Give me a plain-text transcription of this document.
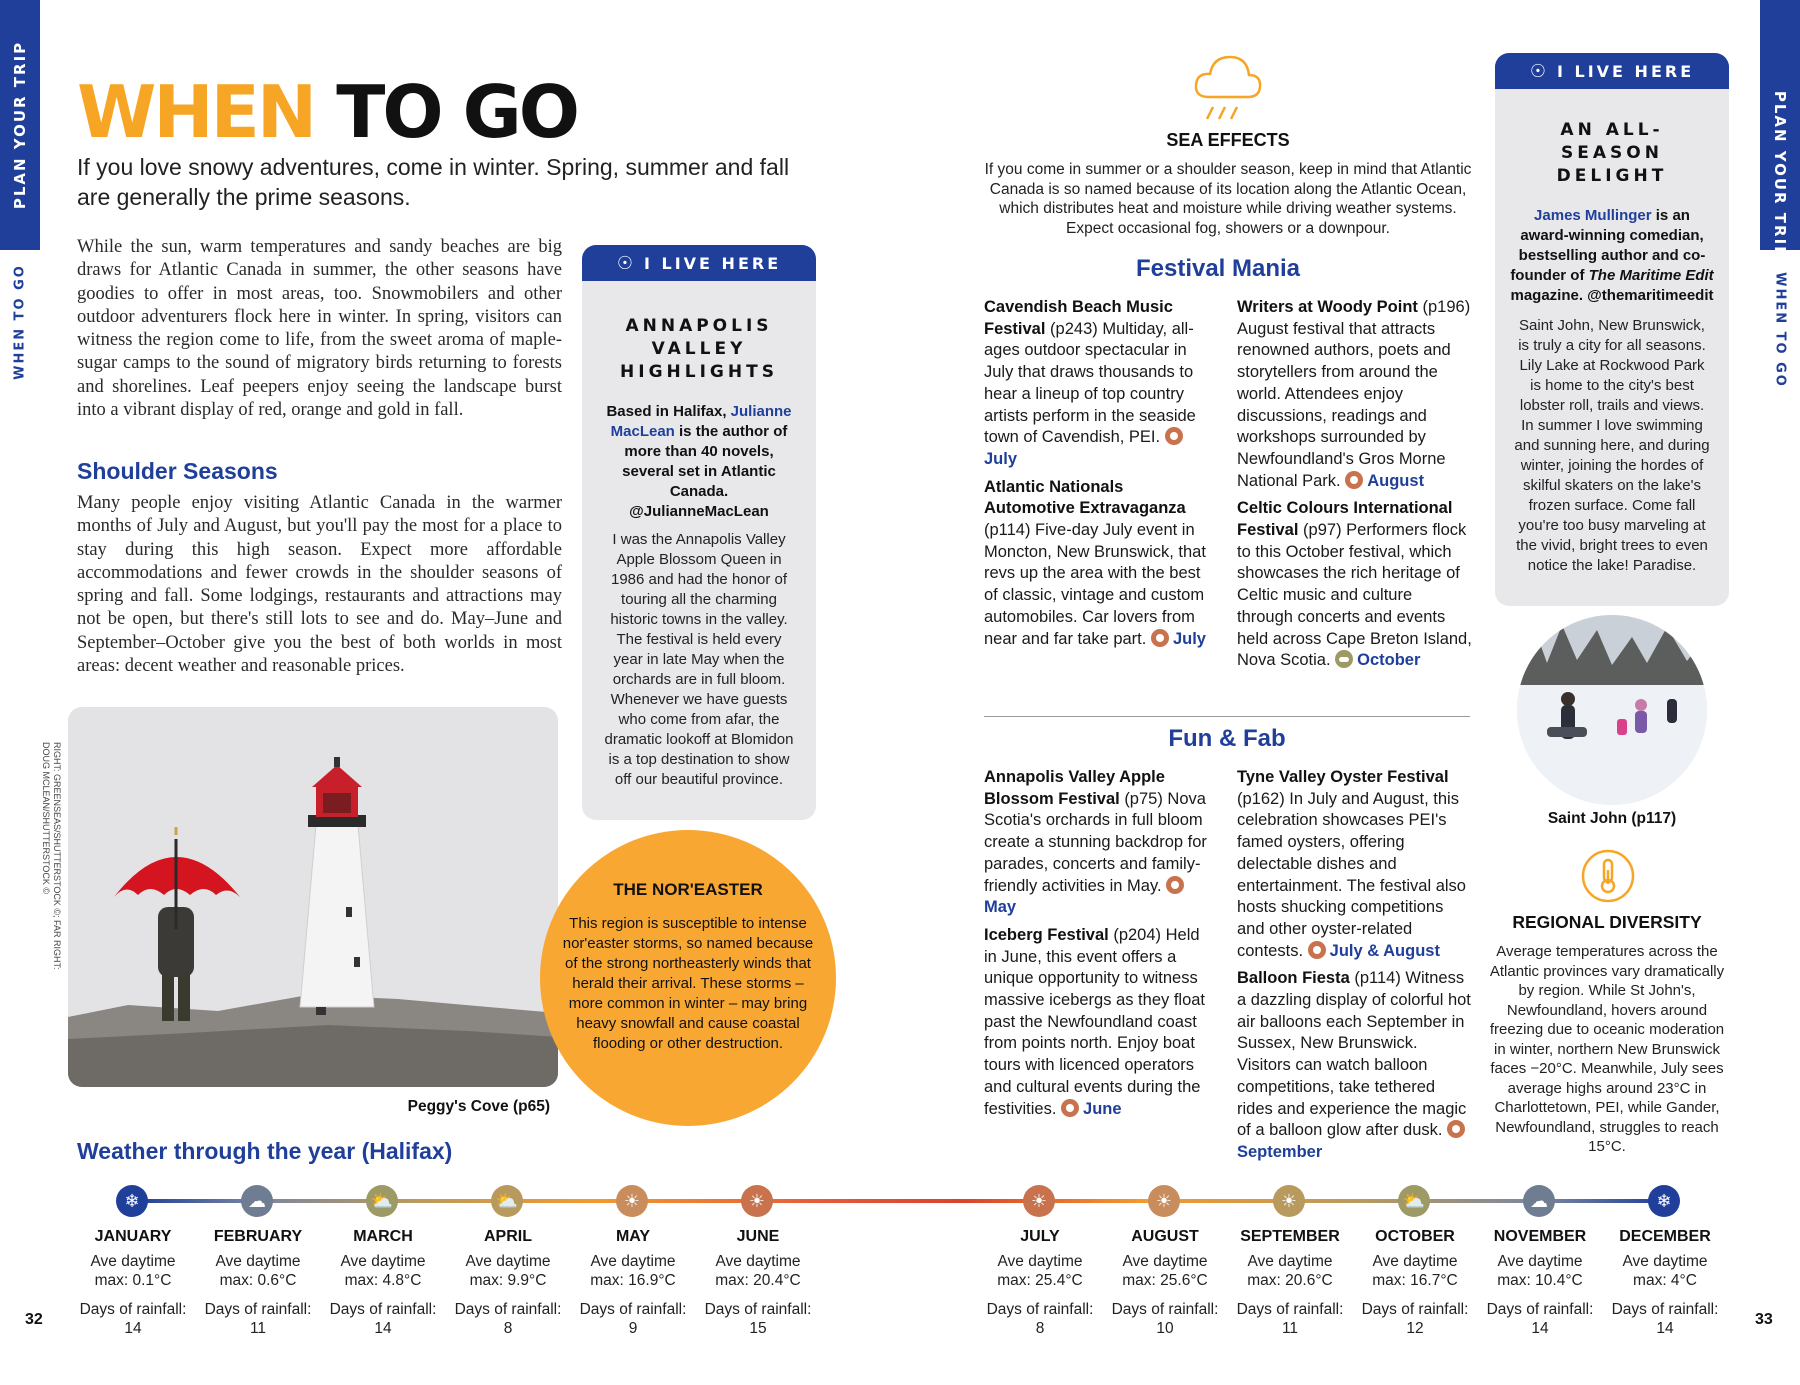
PLAN YOUR TRIP
WHEN TO GO
PLAN YOUR TRIP
WHEN TO GO
WHEN TO GO
If you love snowy adventures, come in winter. Spring, summer and fall are generally the prime seasons.
While the sun, warm temperatures and sandy beaches are big draws for Atlantic Canada in summer, the other seasons have goodies to offer in most areas, too. Snowmobilers and other outdoor adventurers flock here in winter. In spring, visitors can witness the region come to life, from the sweet aroma of maple-sugar camps to the sound of migratory birds returning to forests and shorelines. Leaf peepers enjoy seeing the landscape burst into a vibrant display of red, orange and gold in fall.
Shoulder Seasons
Many people enjoy visiting Atlantic Canada in the warmer months of July and August, but you'll pay the most for a place to stay during this high season. Expect more affordable accommodations and fewer crowds in the shoulder seasons of spring and fall. Some lodgings, restaurants and attractions may not be open, but there's still lots to see and do. May–June and September–October give you the best of both worlds in most areas: decent weather and reasonable prices.
RIGHT: GREENSEAS/SHUTTERSTOCK ©; FAR RIGHT: DOUG MCLEAN/SHUTTERSTOCK ©
Peggy's Cove (p65)
☉ I LIVE HERE
ANNAPOLIS VALLEY HIGHLIGHTS
Based in Halifax, Julianne MacLean is the author of more than 40 novels, several set in Atlantic Canada. @JulianneMacLean
I was the Annapolis Valley Apple Blossom Queen in 1986 and had the honor of touring all the charming historic towns in the valley. The festival is held every year in late May when the orchards are in full bloom. Whenever we have guests who come from afar, the dramatic lookoff at Blomidon is a top destination to show off our beautiful province.
THE NOR'EASTER
This region is susceptible to intense nor'easter storms, so named because of the strong northeasterly winds that herald their arrival. These storms – more common in winter – may bring heavy snowfall and cause coastal flooding or other destruction.
Weather through the year (Halifax)
SEA EFFECTS
If you come in summer or a shoulder season, keep in mind that Atlantic Canada is so named because of its location along the Atlantic Ocean, which distributes heat and moisture while driving weather systems. Expect occasional fog, showers or a downpour.
Festival Mania
Cavendish Beach Music Festival (p243) Multiday, all-ages outdoor spectacular in July that draws thousands to hear a lineup of top country artists perform in the seaside town of Cavendish, PEI. July
Atlantic Nationals Automotive Extravaganza (p114) Five-day July event in Moncton, New Brunswick, that revs up the area with the best of classic, vintage and custom automobiles. Car lovers from near and far take part. July
Writers at Woody Point (p196) August festival that attracts renowned authors, poets and storytellers from around the world. Attendees enjoy discussions, readings and workshops surrounded by Newfoundland's Gros Morne National Park. August
Celtic Colours International Festival (p97) Performers flock to this October festival, which showcases the rich heritage of Celtic music and culture through concerts and events held across Cape Breton Island, Nova Scotia. October
Fun & Fab
Annapolis Valley Apple Blossom Festival (p75) Nova Scotia's orchards in full bloom create a stunning backdrop for parades, concerts and family-friendly activities in May. May
Iceberg Festival (p204) Held in June, this event offers a unique opportunity to witness massive icebergs as they float past the Newfoundland coast from points north. Enjoy boat tours with licenced operators and cultural events during the festivities. June
Tyne Valley Oyster Festival (p162) In July and August, this celebration showcases PEI's famed oysters, offering delectable dishes and entertainment. The festival also hosts shucking competitions and other oyster-related contests. July & August
Balloon Fiesta (p114) Witness a dazzling display of colorful hot air balloons each September in Sussex, New Brunswick. Visitors can watch balloon competitions, take tethered rides and experience the magic of a balloon glow after dusk. September
☉ I LIVE HERE
AN ALL-SEASON DELIGHT
James Mullinger is an award-winning comedian, bestselling author and co-founder of The Maritime Edit magazine. @themaritimeedit
Saint John, New Brunswick, is truly a city for all seasons. Lily Lake at Rockwood Park is home to the city's best lobster roll, trails and views. In summer I love swimming and sunning here, and during winter, joining the hordes of skilful skaters on the lake's frozen surface. Come fall you're too busy marveling at the vivid, bright trees to even notice the lake! Paradise.
Saint John (p117)
REGIONAL DIVERSITY
Average temperatures across the Atlantic provinces vary dramatically by region. While St John's, Newfoundland, hovers around freezing due to oceanic moderation in winter, northern New Brunswick faces −20°C. Meanwhile, July sees average highs around 23°C in Charlottetown, PEI, while Gander, Newfoundland, struggles to reach 15°C.
❄
JANUARY
Ave daytime
max: 0.1°C
Days of rainfall:
14
☁
FEBRUARY
Ave daytime
max: 0.6°C
Days of rainfall:
11
⛅
MARCH
Ave daytime
max: 4.8°C
Days of rainfall:
14
⛅
APRIL
Ave daytime
max: 9.9°C
Days of rainfall:
8
☀
MAY
Ave daytime
max: 16.9°C
Days of rainfall:
9
☀
JUNE
Ave daytime
max: 20.4°C
Days of rainfall:
15
☀
JULY
Ave daytime
max: 25.4°C
Days of rainfall:
8
☀
AUGUST
Ave daytime
max: 25.6°C
Days of rainfall:
10
☀
SEPTEMBER
Ave daytime
max: 20.6°C
Days of rainfall:
11
⛅
OCTOBER
Ave daytime
max: 16.7°C
Days of rainfall:
12
☁
NOVEMBER
Ave daytime
max: 10.4°C
Days of rainfall:
14
❄
DECEMBER
Ave daytime
max: 4°C
Days of rainfall:
14
32	33
